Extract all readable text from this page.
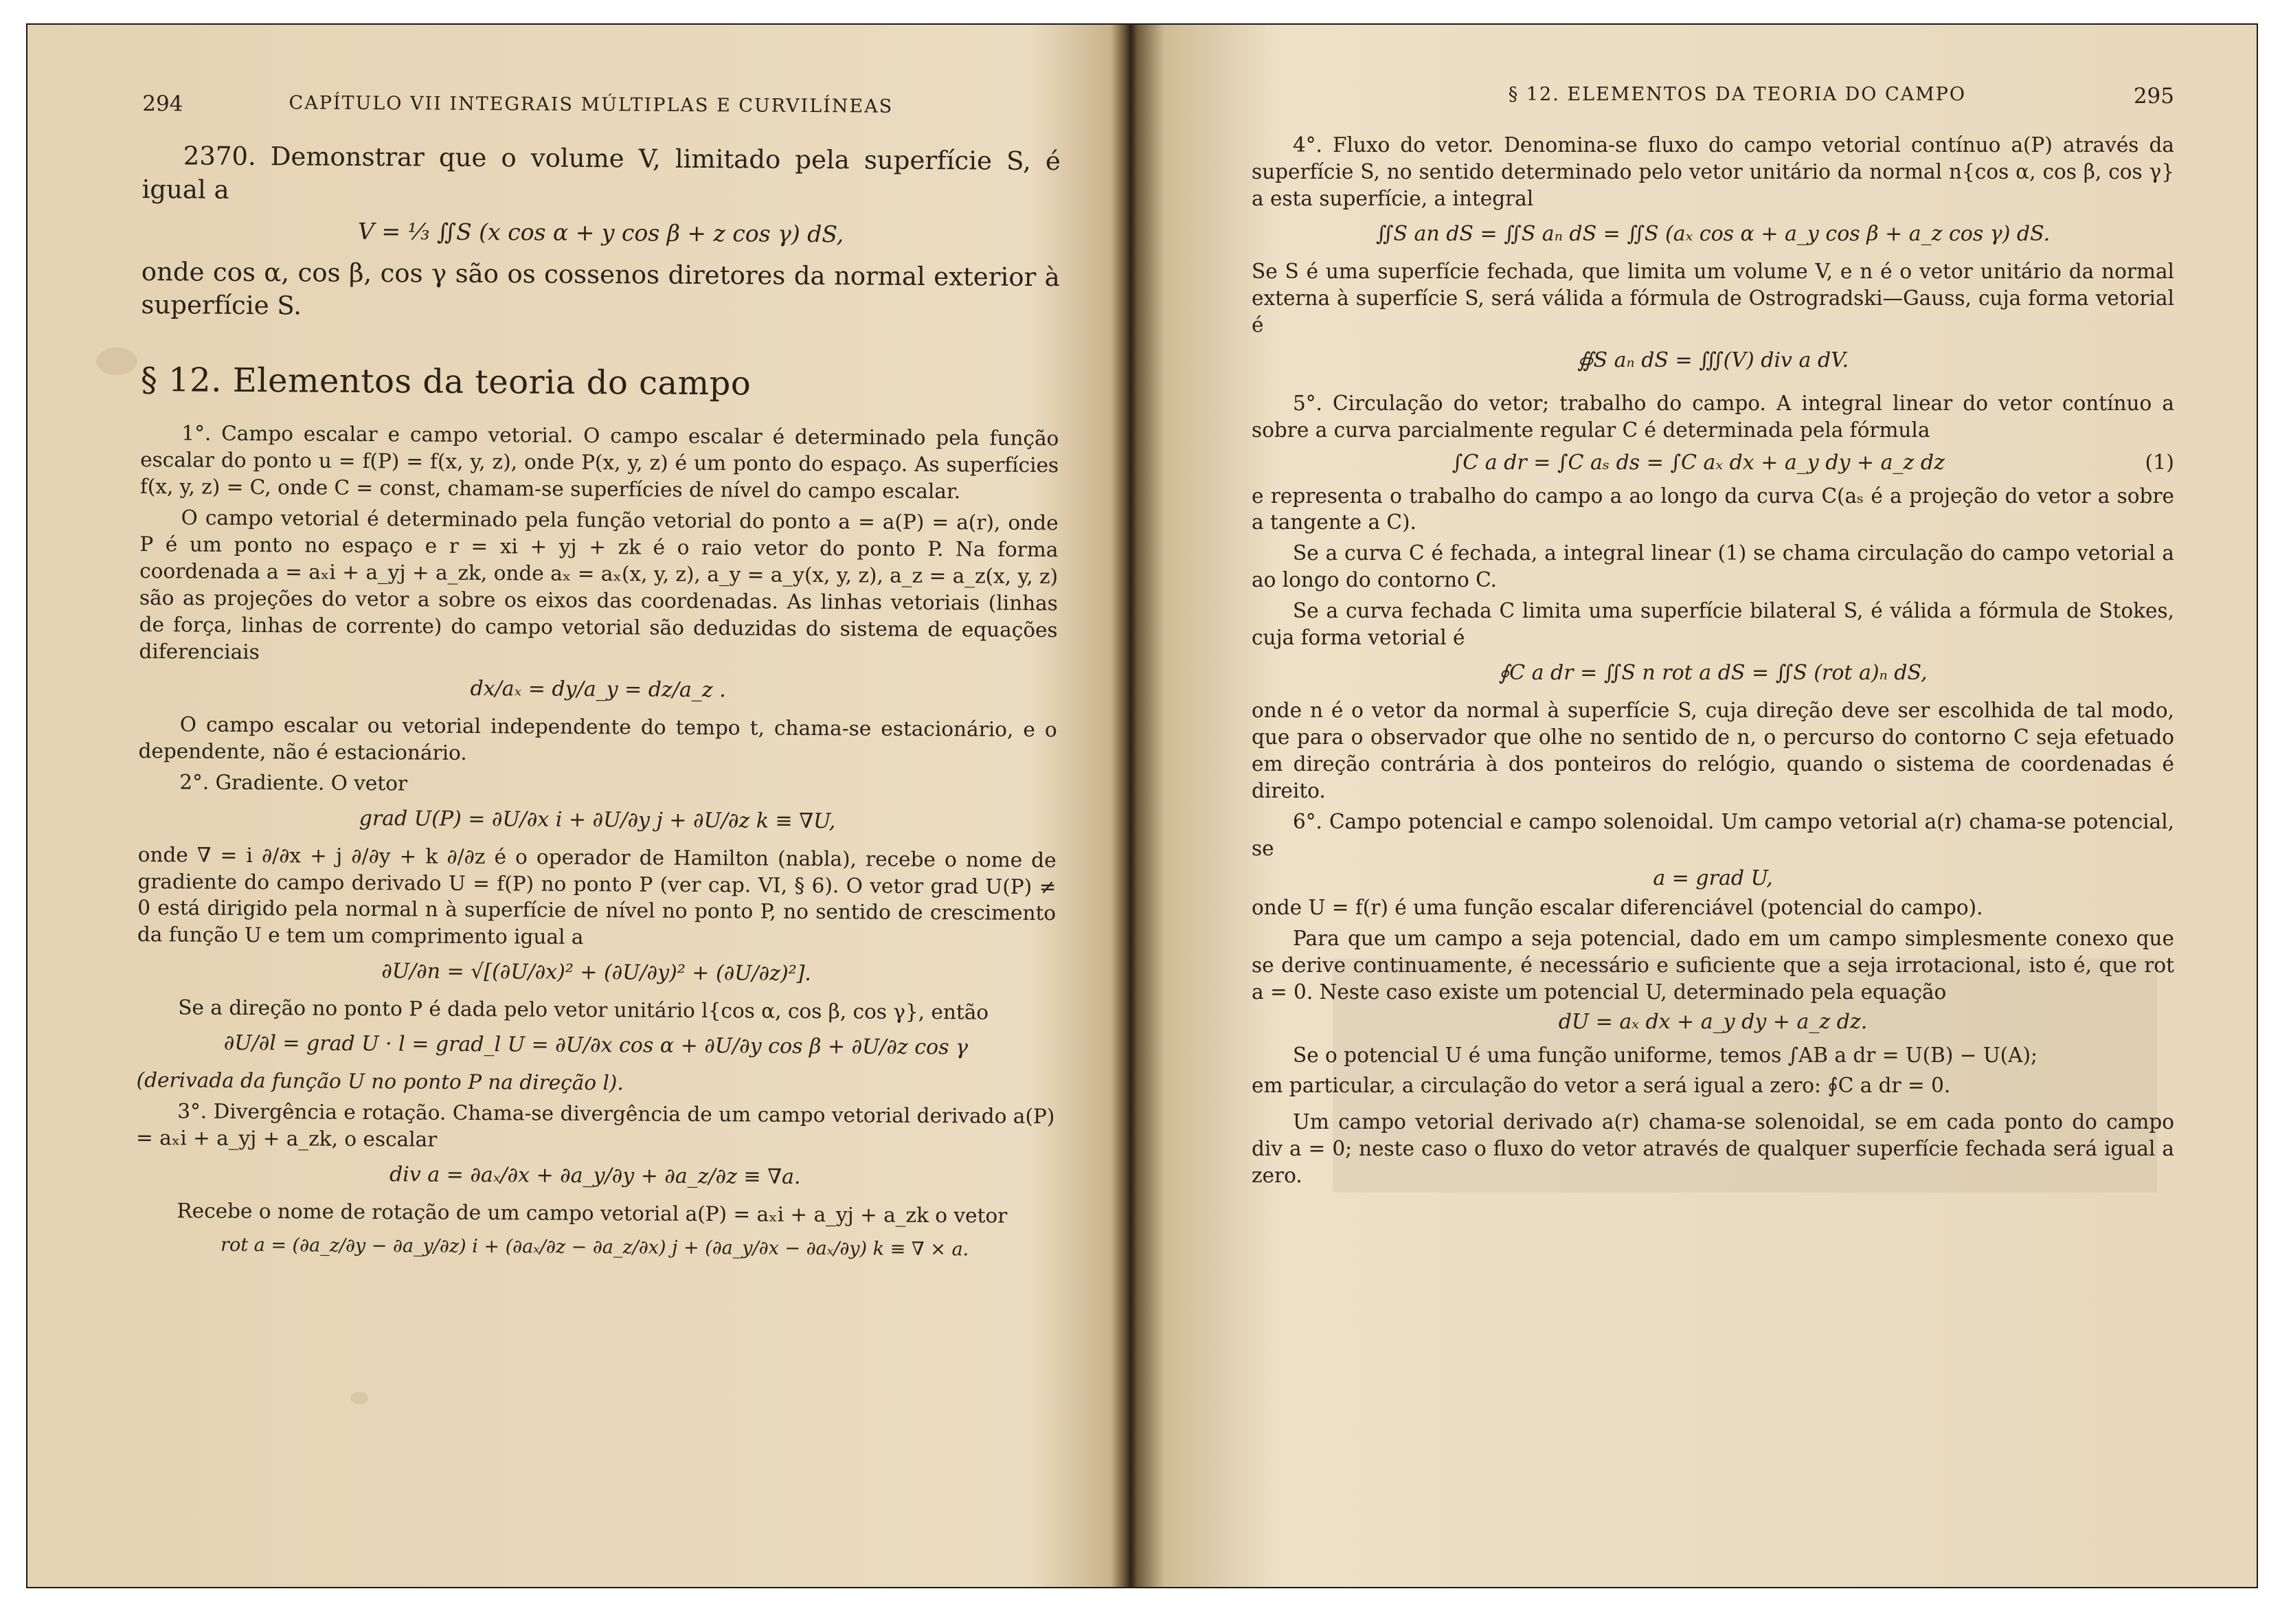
294	CAPÍTULO VII INTEGRAIS MÚLTIPLAS E CURVILÍNEAS

2370. Demonstrar que o volume V, limitado pela superfície S, é igual a

V = ⅓ ∬S (x cos α + y cos β + z cos γ) dS,

onde cos α, cos β, cos γ são os cossenos diretores da normal exterior à superfície S.

§ 12. Elementos da teoria do campo

1°. Campo escalar e campo vetorial. O campo escalar é determinado pela função escalar do ponto u = f(P) = f(x, y, z), onde P(x, y, z) é um ponto do espaço. As superfícies f(x, y, z) = C, onde C = const, chamam-se superfícies de nível do campo escalar.

O campo vetorial é determinado pela função vetorial do ponto a = a(P) = a(r), onde P é um ponto no espaço e r = xi + yj + zk é o raio vetor do ponto P. Na forma coordenada a = aₓi + a_yj + a_zk, onde aₓ = aₓ(x, y, z), a_y = a_y(x, y, z), a_z = a_z(x, y, z) são as projeções do vetor a sobre os eixos das coordenadas. As linhas vetoriais (linhas de força, linhas de corrente) do campo vetorial são deduzidas do sistema de equações diferenciais

dx/aₓ = dy/a_y = dz/a_z .

O campo escalar ou vetorial independente do tempo t, chama-se estacionário, e o dependente, não é estacionário.

2°. Gradiente. O vetor

grad U(P) = ∂U/∂x i + ∂U/∂y j + ∂U/∂z k ≡ ∇U,

onde ∇ = i ∂/∂x + j ∂/∂y + k ∂/∂z é o operador de Hamilton (nabla), recebe o nome de gradiente do campo derivado U = f(P) no ponto P (ver cap. VI, § 6). O vetor grad U(P) ≠ 0 está dirigido pela normal n à superfície de nível no ponto P, no sentido de crescimento da função U e tem um comprimento igual a

∂U/∂n = √[(∂U/∂x)² + (∂U/∂y)² + (∂U/∂z)²].

Se a direção no ponto P é dada pelo vetor unitário l{cos α, cos β, cos γ}, então

∂U/∂l = grad U · l = grad_l U = ∂U/∂x cos α + ∂U/∂y cos β + ∂U/∂z cos γ

(derivada da função U no ponto P na direção l).

3°. Divergência e rotação. Chama-se divergência de um campo vetorial derivado a(P) = aₓi + a_yj + a_zk, o escalar

div a = ∂aₓ/∂x + ∂a_y/∂y + ∂a_z/∂z ≡ ∇a.

Recebe o nome de rotação de um campo vetorial a(P) = aₓi + a_yj + a_zk o vetor

rot a = (∂a_z/∂y − ∂a_y/∂z) i + (∂aₓ/∂z − ∂a_z/∂x) j + (∂a_y/∂x − ∂aₓ/∂y) k ≡ ∇ × a.
§ 12. ELEMENTOS DA TEORIA DO CAMPO	295

4°. Fluxo do vetor. Denomina-se fluxo do campo vetorial contínuo a(P) através da superfície S, no sentido determinado pelo vetor unitário da normal n{cos α, cos β, cos γ} a esta superfície, a integral

∬S an dS = ∬S aₙ dS = ∬S (aₓ cos α + a_y cos β + a_z cos γ) dS.

Se S é uma superfície fechada, que limita um volume V, e n é o vetor unitário da normal externa à superfície S, será válida a fórmula de Ostrogradski—Gauss, cuja forma vetorial é

∯S aₙ dS = ∭(V) div a dV.

5°. Circulação do vetor; trabalho do campo. A integral linear do vetor contínuo a sobre a curva parcialmente regular C é determinada pela fórmula

∫C a dr = ∫C aₛ ds = ∫C aₓ dx + a_y dy + a_z dz	(1)

e representa o trabalho do campo a ao longo da curva C(aₛ é a projeção do vetor a sobre a tangente a C).

Se a curva C é fechada, a integral linear (1) se chama circulação do campo vetorial a ao longo do contorno C.

Se a curva fechada C limita uma superfície bilateral S, é válida a fórmula de Stokes, cuja forma vetorial é

∮C a dr = ∬S n rot a dS = ∬S (rot a)ₙ dS,

onde n é o vetor da normal à superfície S, cuja direção deve ser escolhida de tal modo, que para o observador que olhe no sentido de n, o percurso do contorno C seja efetuado em direção contrária à dos ponteiros do relógio, quando o sistema de coordenadas é direito.

6°. Campo potencial e campo solenoidal. Um campo vetorial a(r) chama-se potencial, se

a = grad U,

onde U = f(r) é uma função escalar diferenciável (potencial do campo).

Para que um campo a seja potencial, dado em um campo simplesmente conexo que se derive continuamente, é necessário e suficiente que a seja irrotacional, isto é, que rot a = 0. Neste caso existe um potencial U, determinado pela equação

dU = aₓ dx + a_y dy + a_z dz.

Se o potencial U é uma função uniforme, temos ∫AB a dr = U(B) − U(A);

em particular, a circulação do vetor a será igual a zero: ∮C a dr = 0.

Um campo vetorial derivado a(r) chama-se solenoidal, se em cada ponto do campo div a = 0; neste caso o fluxo do vetor através de qualquer superfície fechada será igual a zero.
